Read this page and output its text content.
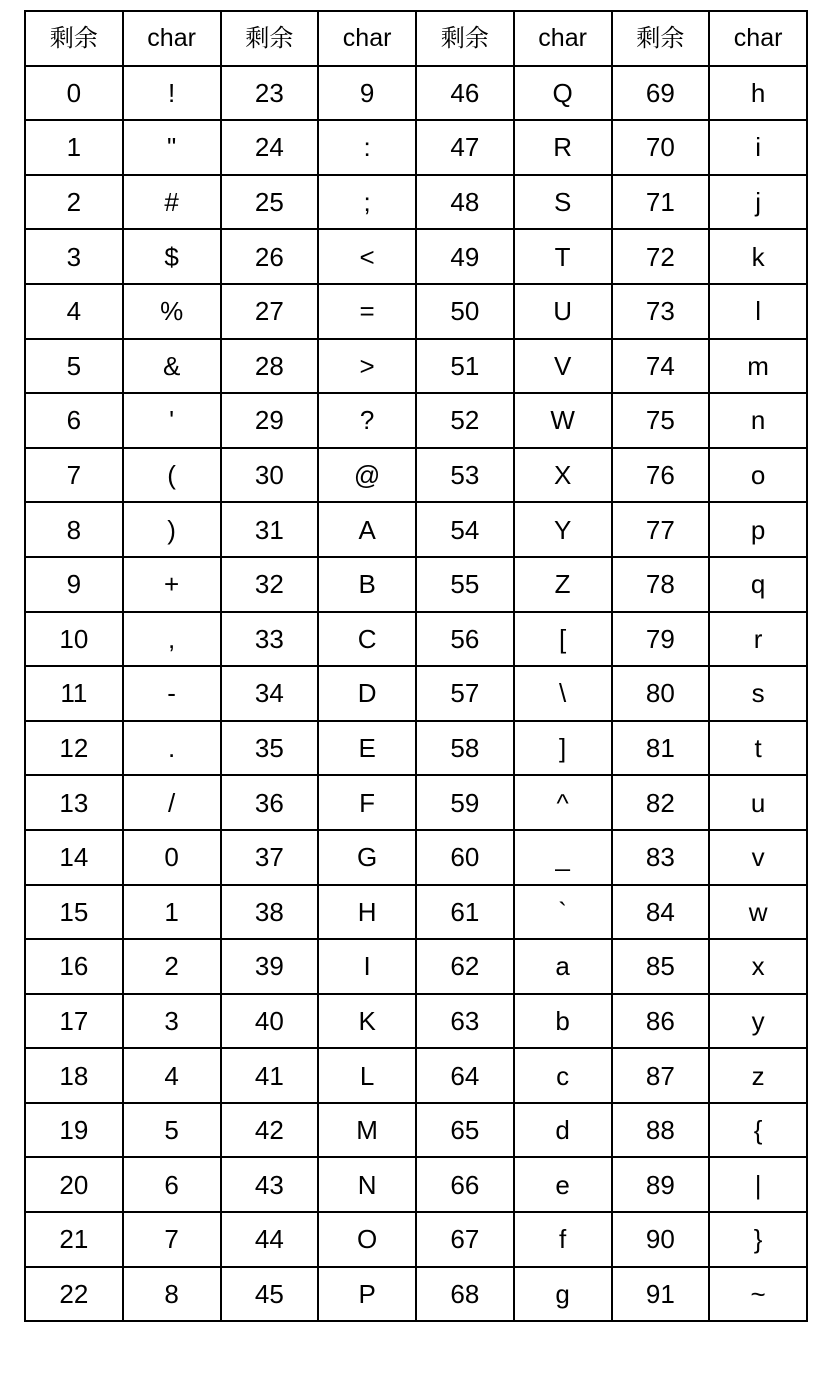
剩余	char	剩余	char	剩余	char	剩余	char
0	!	23	9	46	Q	69	h
1	"	24	:	47	R	70	i
2	#	25	;	48	S	71	j
3	$	26	<	49	T	72	k
4	%	27	=	50	U	73	l
5	&	28	>	51	V	74	m
6	'	29	?	52	W	75	n
7	(	30	@	53	X	76	o
8	)	31	A	54	Y	77	p
9	+	32	B	55	Z	78	q
10	,	33	C	56	[	79	r
11	-	34	D	57	\	80	s
12	.	35	E	58	]	81	t
13	/	36	F	59	^	82	u
14	0	37	G	60	_	83	v
15	1	38	H	61	`	84	w
16	2	39	I	62	a	85	x
17	3	40	K	63	b	86	y
18	4	41	L	64	c	87	z
19	5	42	M	65	d	88	{
20	6	43	N	66	e	89	|
21	7	44	O	67	f	90	}
22	8	45	P	68	g	91	~
